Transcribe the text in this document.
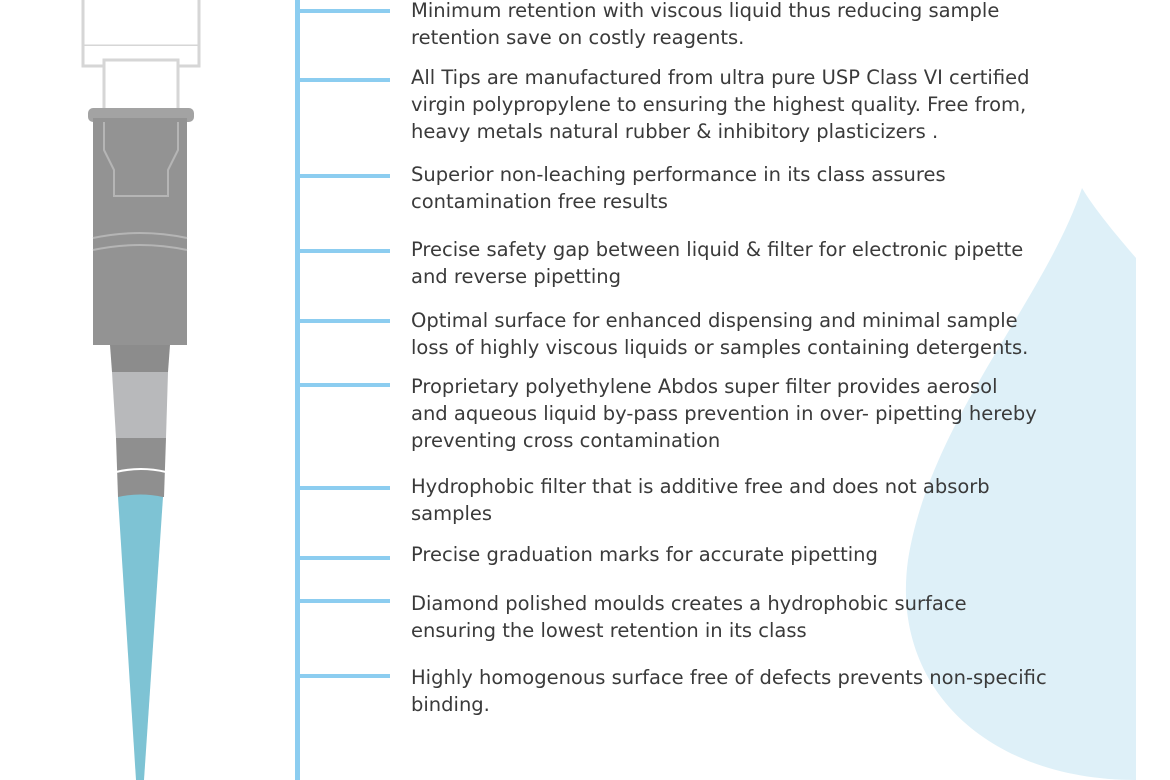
Minimum retention with viscous liquid thus reducing sample
retention save on costly reagents.

All Tips are manufactured from ultra pure USP Class VI certified
virgin polypropylene to ensuring the highest quality. Free from,
heavy metals natural rubber & inhibitory plasticizers .

Superior non-leaching performance in its class assures
contamination free results

Precise safety gap between liquid & filter for electronic pipette
and reverse pipetting

Optimal surface for enhanced dispensing and minimal sample
loss of highly viscous liquids or samples containing detergents.

Proprietary polyethylene Abdos super filter provides aerosol
and aqueous liquid by-pass prevention in over- pipetting hereby
preventing cross contamination

Hydrophobic filter that is additive free and does not absorb
samples

Precise graduation marks for accurate pipetting

Diamond polished moulds creates a hydrophobic surface
ensuring the lowest retention in its class

Highly homogenous surface free of defects prevents non-specific
binding.
